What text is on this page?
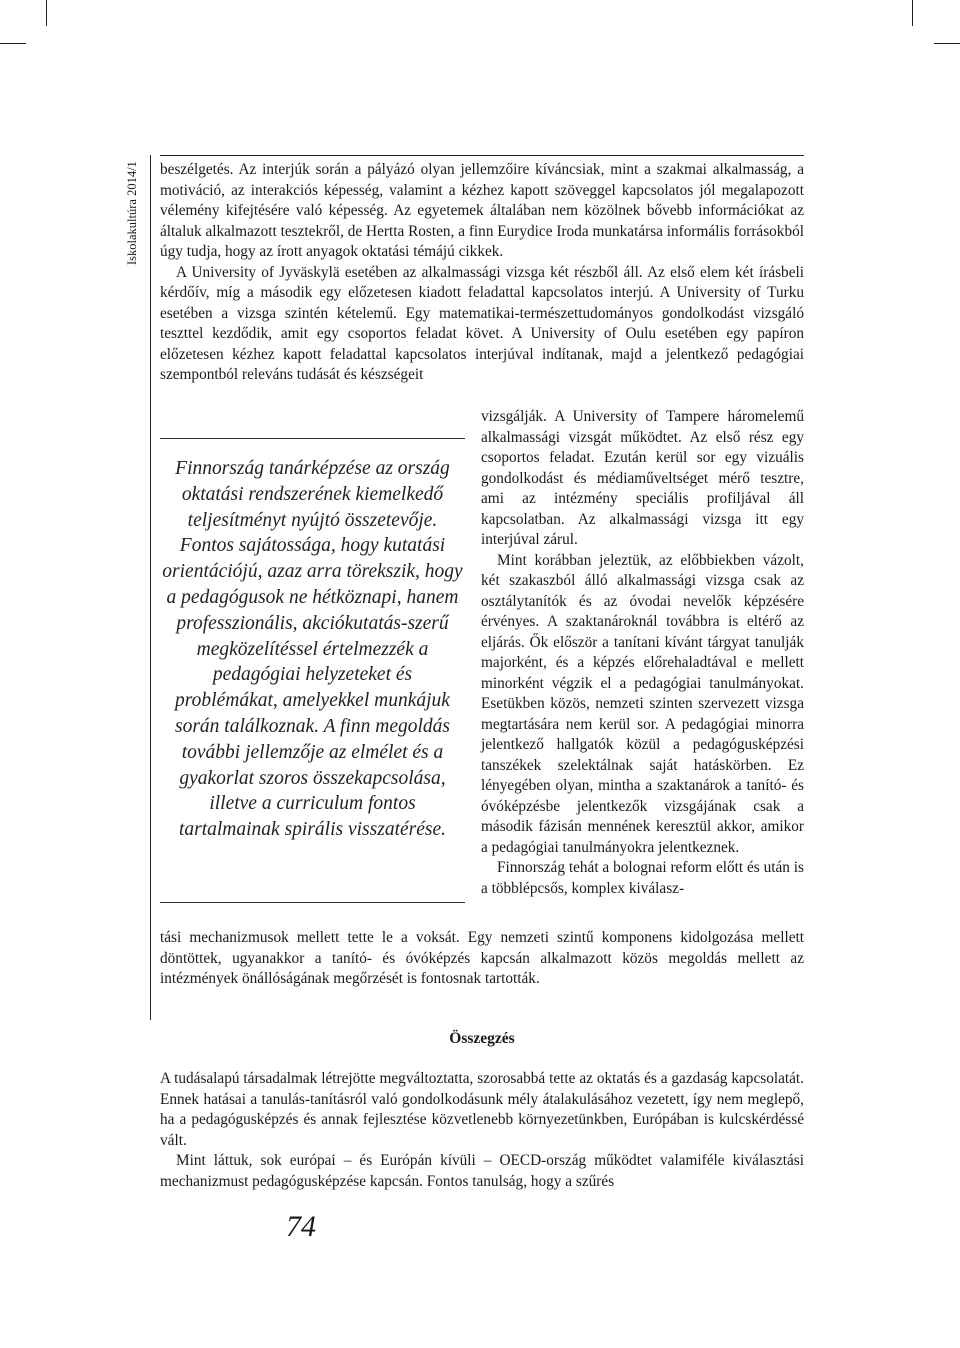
Iskolakultúra 2014/1 beszélgetés. Az interjúk során a pályázó olyan jellemzőire kíváncsiak, mint a szakmai alkalmasság, a motiváció, az interakciós képesség, valamint a kézhez kapott szöveggel kapcsolatos jól megalapozott vélemény kifejtésére való képesség. Az egyetemek általában nem közölnek bővebb információkat az általuk alkalmazott tesztekről, de Hertta Rosten, a finn Eurydice Iroda munkatársa informális forrásokból úgy tudja, hogy az írott anyagok oktatási témájú cikkek.

A University of Jyväskylä esetében az alkalmassági vizsga két részből áll. Az első elem két írásbeli kérdőív, míg a második egy előzetesen kiadott feladattal kapcsolatos interjú. A University of Turku esetében a vizsga szintén kételemű. Egy matematikai-természettudományos gondolkodást vizsgáló teszttel kezdődik, amit egy csoportos feladat követ. A University of Oulu esetében egy papíron előzetesen kézhez kapott feladattal kapcsolatos interjúval indítanak, majd a jelentkező pedagógiai szempontból releváns tudását és készségeit

Finnország tanárképzése az ország oktatási rendszerének kiemelkedő teljesítményt nyújtó összetevője. Fontos sajátossága, hogy kutatási orientációjú, azaz arra törekszik, hogy a pedagógusok ne hétköznapi, hanem professzionális, akciókutatás-szerű megközelítéssel értelmezzék a pedagógiai helyzeteket és problémákat, amelyekkel munkájuk során találkoznak. A finn megoldás további jellemzője az elmélet és a gyakorlat szoros összekapcsolása, illetve a curriculum fontos tartalmainak spirális visszatérése.

vizsgálják. A University of Tampere háromelemű alkalmassági vizsgát működtet. Az első rész egy csoportos feladat. Ezután kerül sor egy vizuális gondolkodást és médiaműveltséget mérő tesztre, ami az intézmény speciális profiljával áll kapcsolatban. Az alkalmassági vizsga itt egy interjúval zárul.

Mint korábban jeleztük, az előbbiekben vázolt, két szakaszból álló alkalmassági vizsga csak az osztálytanítók és az óvodai nevelők képzésére érvényes. A szaktanároknál továbbra is eltérő az eljárás. Ők először a tanítani kívánt tárgyat tanulják majorként, és a képzés előrehaladtával e mellett minorként végzik el a pedagógiai tanulmányokat. Esetükben közös, nemzeti szinten szervezett vizsga megtartására nem kerül sor. A pedagógiai minorra jelentkező hallgatók közül a pedagógusképzési tanszékek szelektálnak saját hatáskörben. Ez lényegében olyan, mintha a szaktanárok a tanító- és óvóképzésbe jelentkezők vizsgájának csak a második fázisán mennének keresztül akkor, amikor a pedagógiai tanulmányokra jelentkeznek.

Finnország tehát a bolognai reform előtt és után is a többlépcsős, komplex kiválasz-

tási mechanizmusok mellett tette le a voksát. Egy nemzeti szintű komponens kidolgozása mellett döntöttek, ugyanakkor a tanító- és óvóképzés kapcsán alkalmazott közös megoldás mellett az intézmények önállóságának megőrzését is fontosnak tartották.

Összegzés

A tudásalapú társadalmak létrejötte megváltoztatta, szorosabbá tette az oktatás és a gazdaság kapcsolatát. Ennek hatásai a tanulás-tanításról való gondolkodásunk mély átalakulásához vezetett, így nem meglepő, ha a pedagógusképzés és annak fejlesztése közvetlenebb környezetünkben, Európában is kulcskérdéssé vált.

Mint láttuk, sok európai – és Európán kívüli – OECD-ország működtet valamiféle kiválasztási mechanizmust pedagógusképzése kapcsán. Fontos tanulság, hogy a szűrés

74
